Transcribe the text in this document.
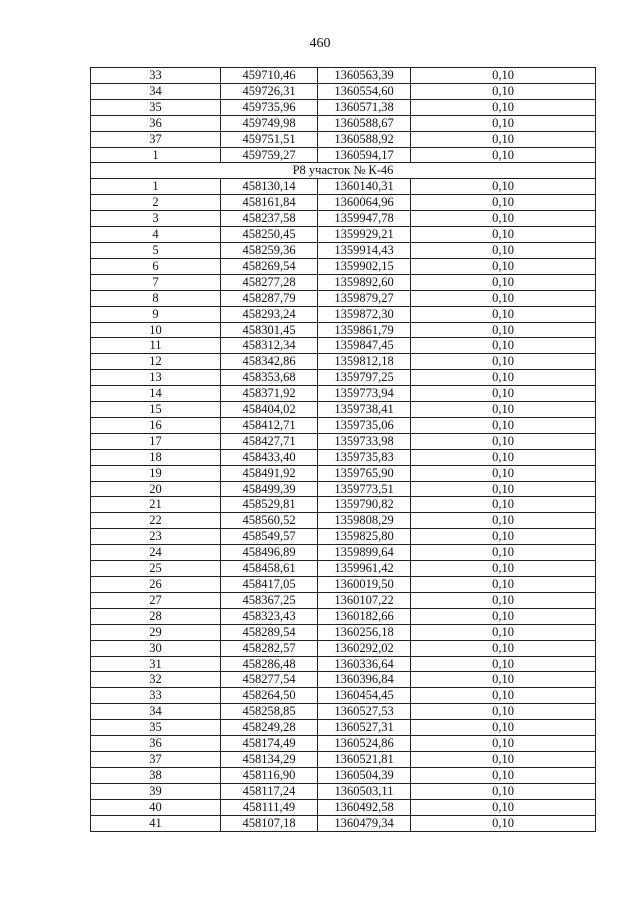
460
33	459710,46	1360563,39	0,10
34	459726,31	1360554,60	0,10
35	459735,96	1360571,38	0,10
36	459749,98	1360588,67	0,10
37	459751,51	1360588,92	0,10
1	459759,27	1360594,17	0,10
Р8 участок № К-46			
1	458130,14	1360140,31	0,10
2	458161,84	1360064,96	0,10
3	458237,58	1359947,78	0,10
4	458250,45	1359929,21	0,10
5	458259,36	1359914,43	0,10
6	458269,54	1359902,15	0,10
7	458277,28	1359892,60	0,10
8	458287,79	1359879,27	0,10
9	458293,24	1359872,30	0,10
10	458301,45	1359861,79	0,10
11	458312,34	1359847,45	0,10
12	458342,86	1359812,18	0,10
13	458353,68	1359797,25	0,10
14	458371,92	1359773,94	0,10
15	458404,02	1359738,41	0,10
16	458412,71	1359735,06	0,10
17	458427,71	1359733,98	0,10
18	458433,40	1359735,83	0,10
19	458491,92	1359765,90	0,10
20	458499,39	1359773,51	0,10
21	458529,81	1359790,82	0,10
22	458560,52	1359808,29	0,10
23	458549,57	1359825,80	0,10
24	458496,89	1359899,64	0,10
25	458458,61	1359961,42	0,10
26	458417,05	1360019,50	0,10
27	458367,25	1360107,22	0,10
28	458323,43	1360182,66	0,10
29	458289,54	1360256,18	0,10
30	458282,57	1360292,02	0,10
31	458286,48	1360336,64	0,10
32	458277,54	1360396,84	0,10
33	458264,50	1360454,45	0,10
34	458258,85	1360527,53	0,10
35	458249,28	1360527,31	0,10
36	458174,49	1360524,86	0,10
37	458134,29	1360521,81	0,10
38	458116,90	1360504,39	0,10
39	458117,24	1360503,11	0,10
40	458111,49	1360492,58	0,10
41	458107,18	1360479,34	0,10
